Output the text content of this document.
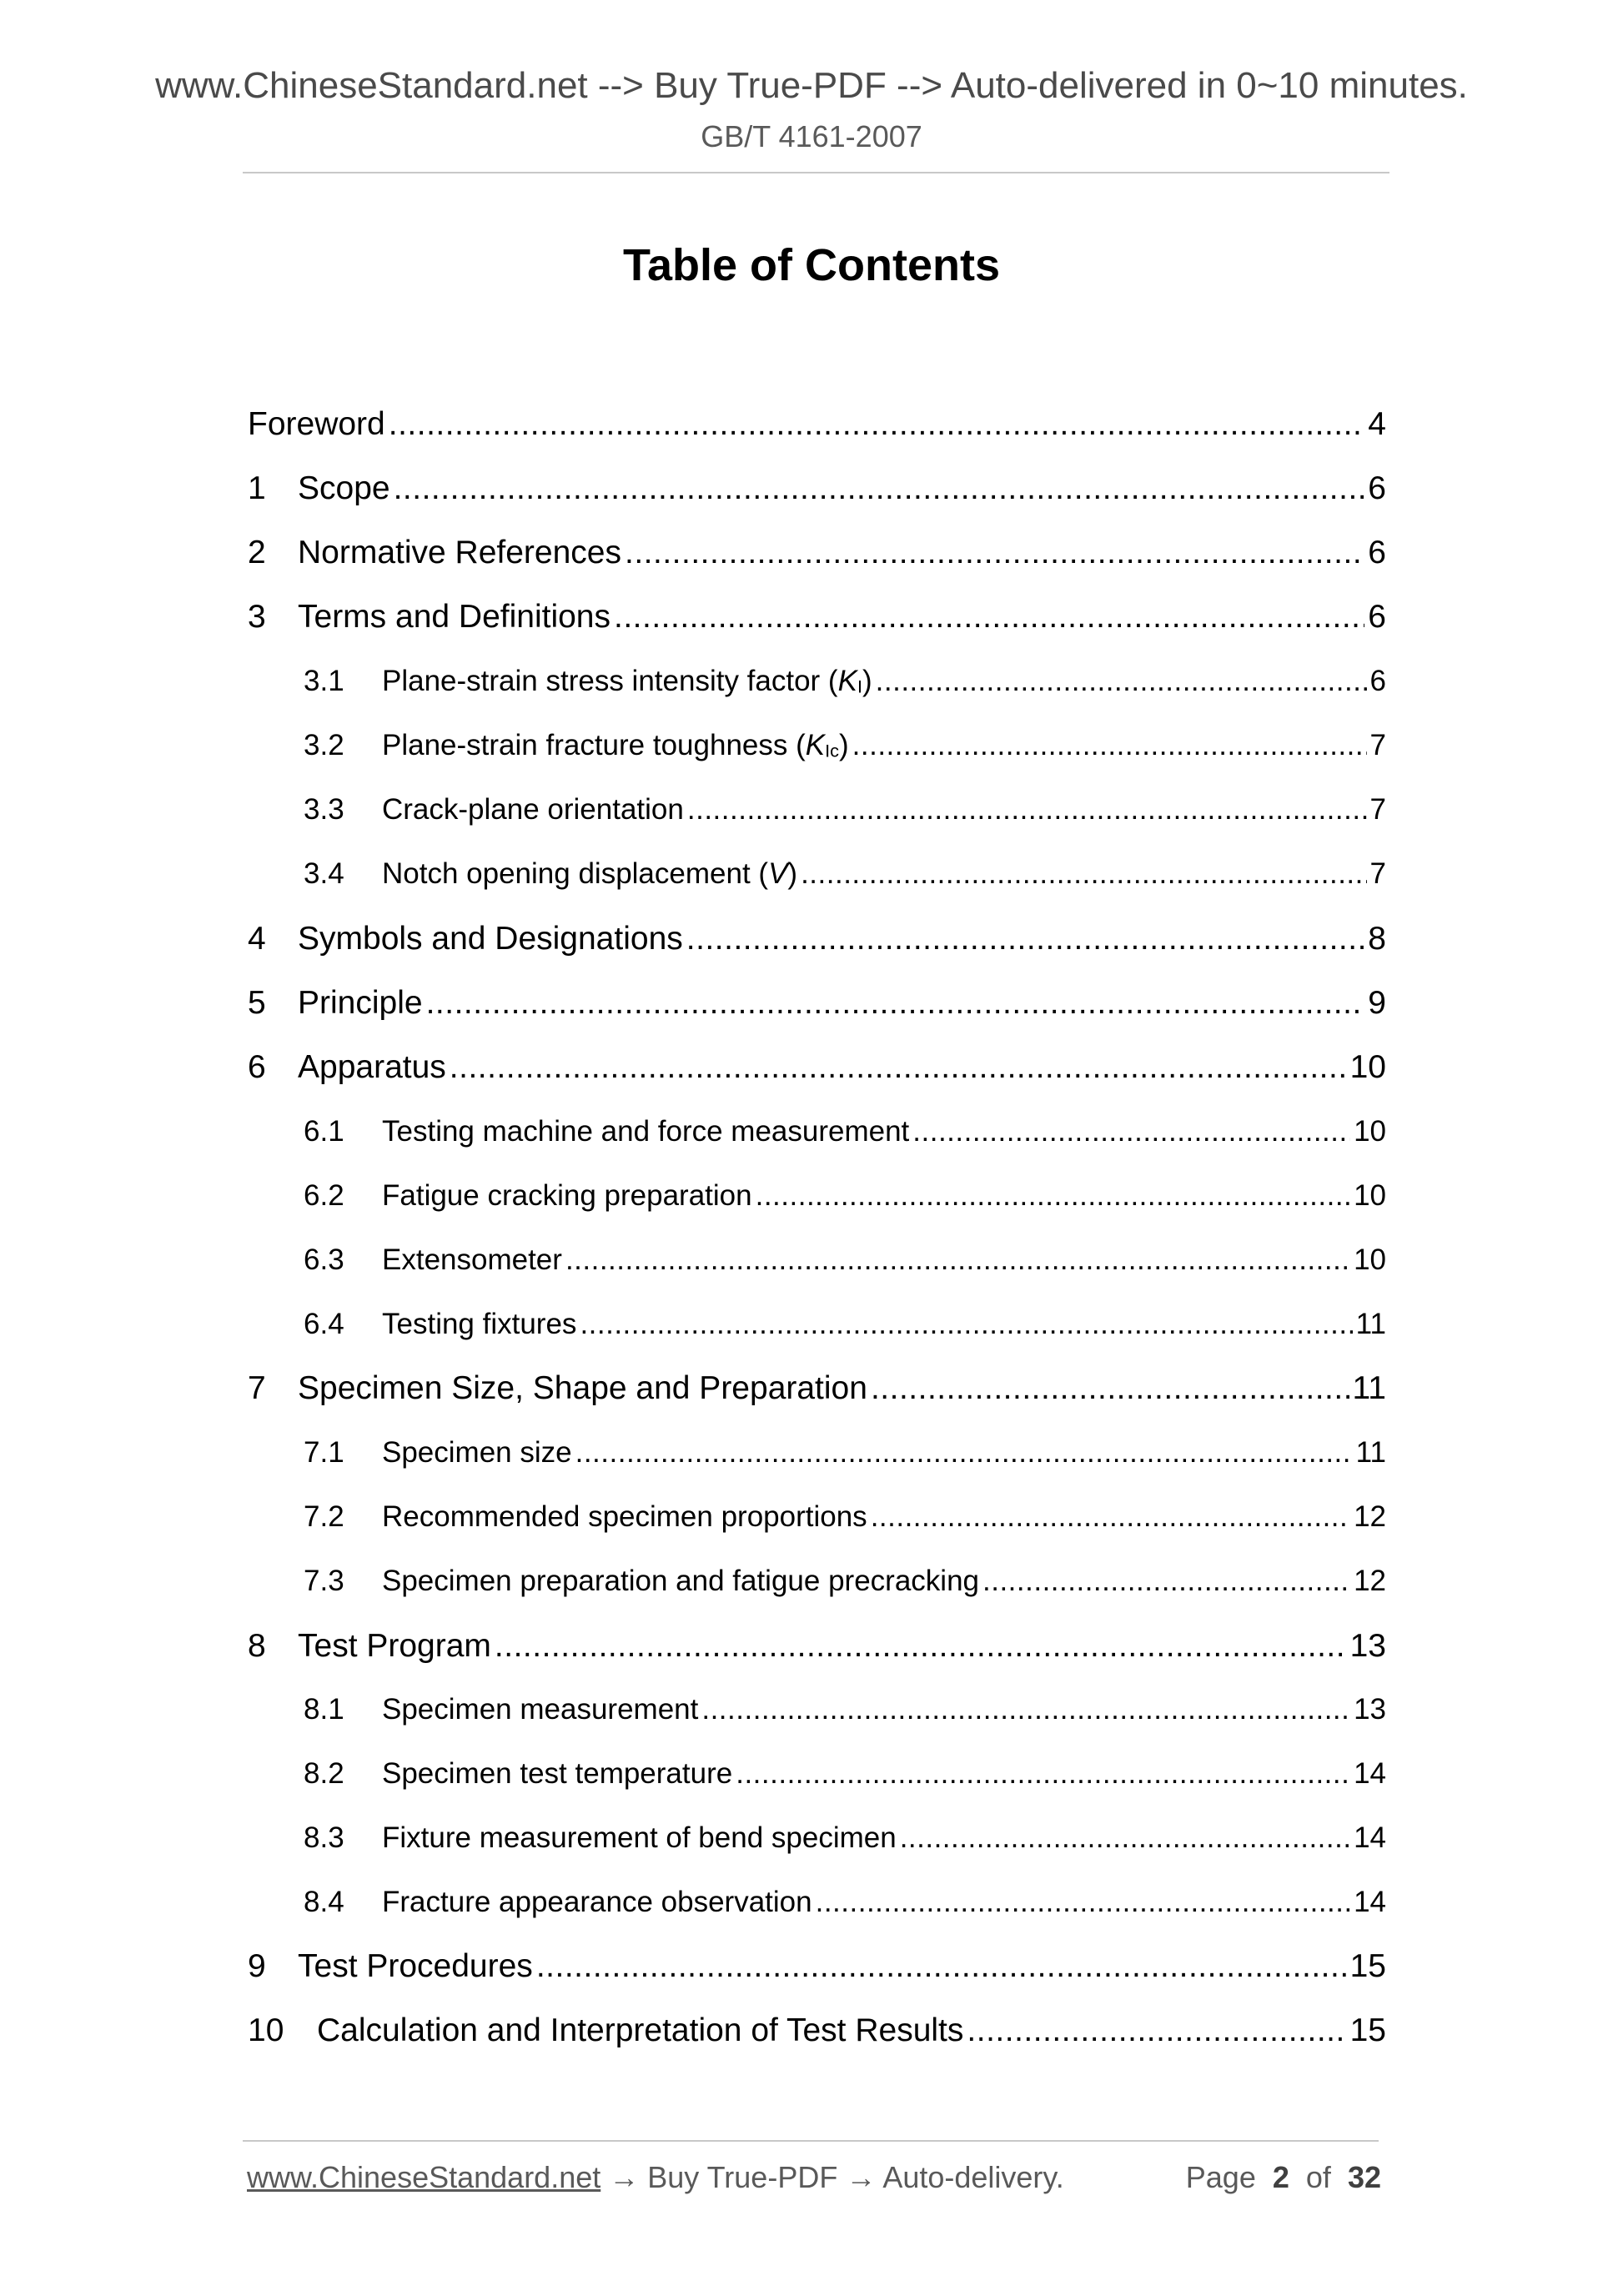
www.ChineseStandard.net --> Buy True-PDF --> Auto-delivered in 0~10 minutes.
GB/T 4161-2007
Table of Contents
Foreword .....	4
1 Scope .....	6
2 Normative References .....	6
3 Terms and Definitions .....	6
3.1	Plane-strain stress intensity factor (KI) .....	6
3.2	Plane-strain fracture toughness (KIc) .....	7
3.3	Crack-plane orientation .....	7
3.4	Notch opening displacement (V) .....	7
4 Symbols and Designations .....	8
5 Principle .....	9
6 Apparatus .....	10
6.1	Testing machine and force measurement .....	10
6.2	Fatigue cracking preparation .....	10
6.3	Extensometer .....	10
6.4	Testing fixtures .....	11
7 Specimen Size, Shape and Preparation .....	11
7.1	Specimen size .....	11
7.2	Recommended specimen proportions .....	12
7.3	Specimen preparation and fatigue precracking .....	12
8 Test Program .....	13
8.1	Specimen measurement .....	13
8.2	Specimen test temperature .....	14
8.3	Fixture measurement of bend specimen .....	14
8.4	Fracture appearance observation .....	14
9 Test Procedures .....	15
10	Calculation and Interpretation of Test Results .....	15
www.ChineseStandard.net → Buy True-PDF → Auto-delivery.	Page 2 of 32
